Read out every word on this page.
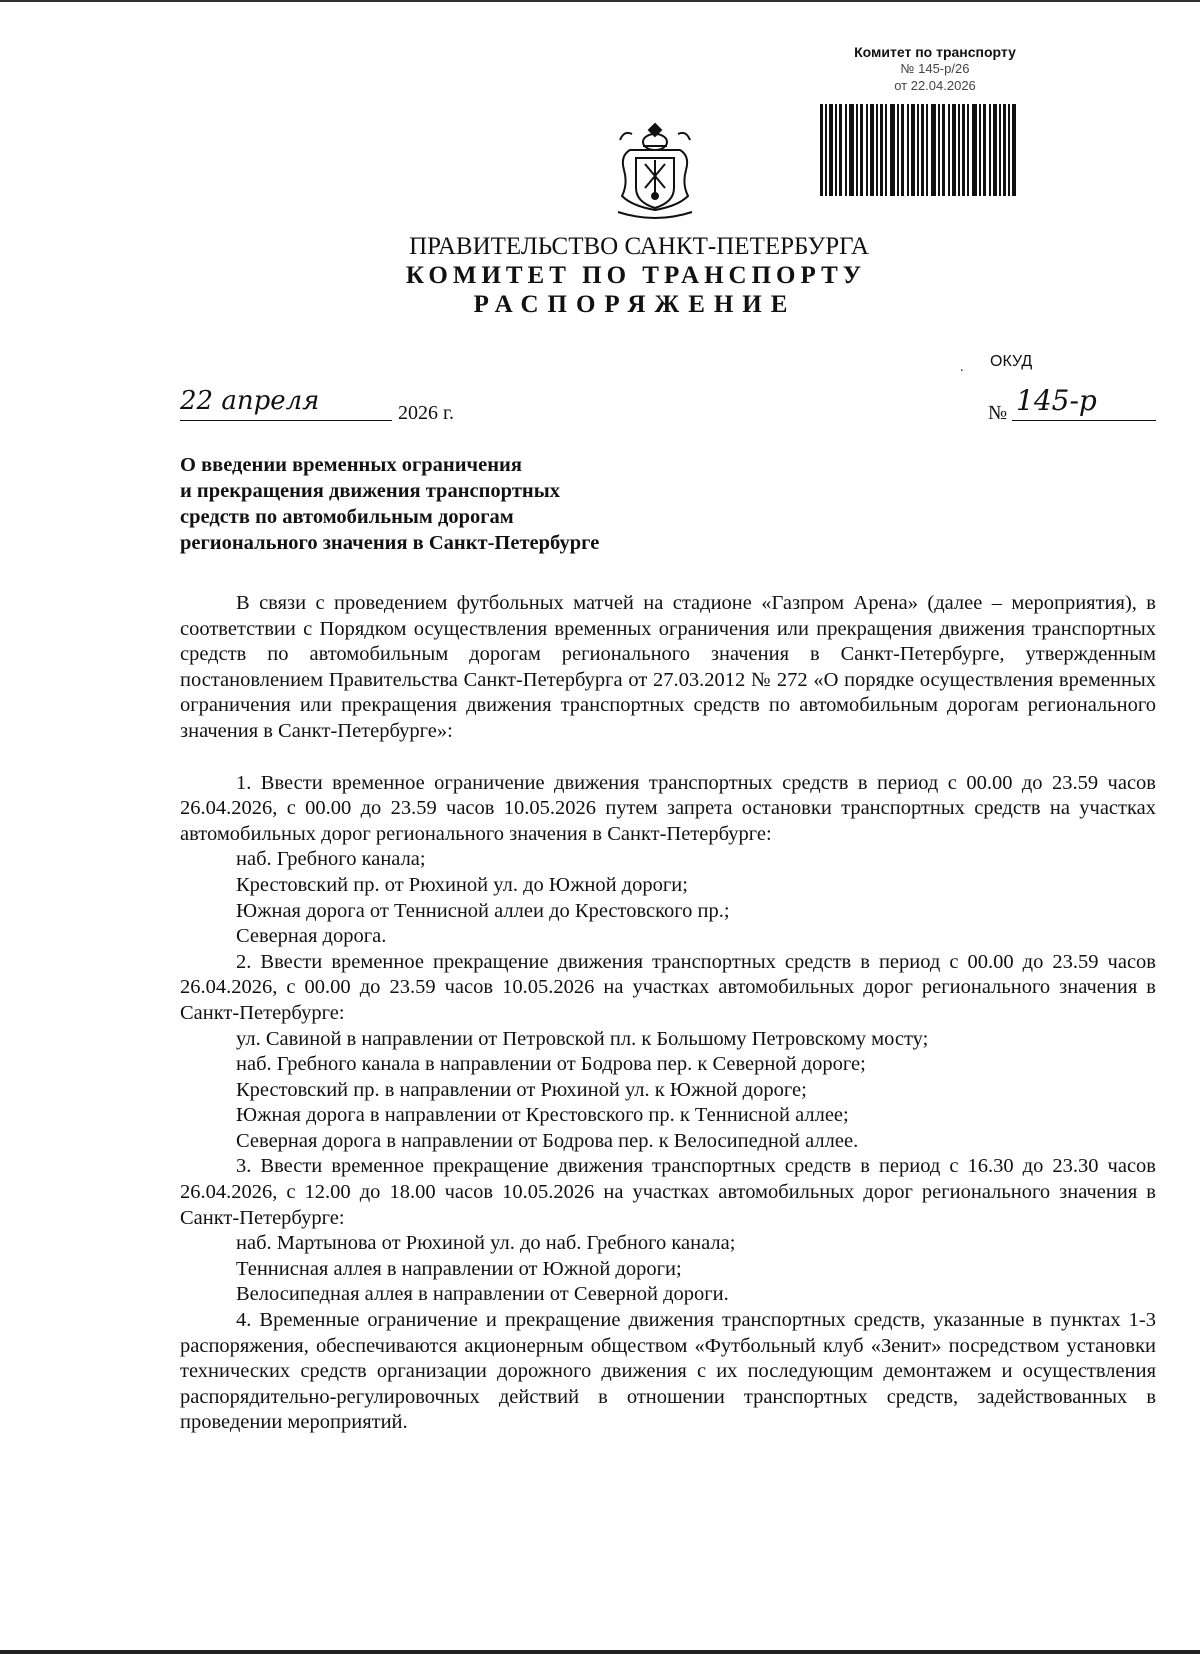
Комитет по транспорту
№ 145-р/26
от 22.04.2026
ПРАВИТЕЛЬСТВО САНКТ-ПЕТЕРБУРГА
КОМИТЕТ ПО ТРАНСПОРТУ
РАСПОРЯЖЕНИЕ
. ОКУД
22 апреля	2026 г.	№ 145-р
О введении временных ограничения
и прекращения движения транспортных
средств по автомобильным дорогам
регионального значения в Санкт-Петербурге

В связи с проведением футбольных матчей на стадионе «Газпром Арена» (далее – мероприятия), в соответствии с Порядком осуществления временных ограничения или прекращения движения транспортных средств по автомобильным дорогам регионального значения в Санкт-Петербурге, утвержденным постановлением Правительства Санкт-Петербурга от 27.03.2012 № 272 «О порядке осуществления временных ограничения или прекращения движения транспортных средств по автомобильным дорогам регионального значения в Санкт-Петербурге»:

1. Ввести временное ограничение движения транспортных средств в период с 00.00 до 23.59 часов 26.04.2026, с 00.00 до 23.59 часов 10.05.2026 путем запрета остановки транспортных средств на участках автомобильных дорог регионального значения в Санкт-Петербурге:

наб. Гребного канала;
Крестовский пр. от Рюхиной ул. до Южной дороги;
Южная дорога от Теннисной аллеи до Крестовского пр.;
Северная дорога.

2. Ввести временное прекращение движения транспортных средств в период с 00.00 до 23.59 часов 26.04.2026, с 00.00 до 23.59 часов 10.05.2026 на участках автомобильных дорог регионального значения в Санкт-Петербурге:

ул. Савиной в направлении от Петровской пл. к Большому Петровскому мосту;
наб. Гребного канала в направлении от Бодрова пер. к Северной дороге;
Крестовский пр. в направлении от Рюхиной ул. к Южной дороге;
Южная дорога в направлении от Крестовского пр. к Теннисной аллее;
Северная дорога в направлении от Бодрова пер. к Велосипедной аллее.

3. Ввести временное прекращение движения транспортных средств в период с 16.30 до 23.30 часов 26.04.2026, с 12.00 до 18.00 часов 10.05.2026 на участках автомобильных дорог регионального значения в Санкт-Петербурге:

наб. Мартынова от Рюхиной ул. до наб. Гребного канала;
Теннисная аллея в направлении от Южной дороги;
Велосипедная аллея в направлении от Северной дороги.

4. Временные ограничение и прекращение движения транспортных средств, указанные в пунктах 1-3 распоряжения, обеспечиваются акционерным обществом «Футбольный клуб «Зенит» посредством установки технических средств организации дорожного движения с их последующим демонтажем и осуществления распорядительно-регулировочных действий в отношении транспортных средств, задействованных в проведении мероприятий.
